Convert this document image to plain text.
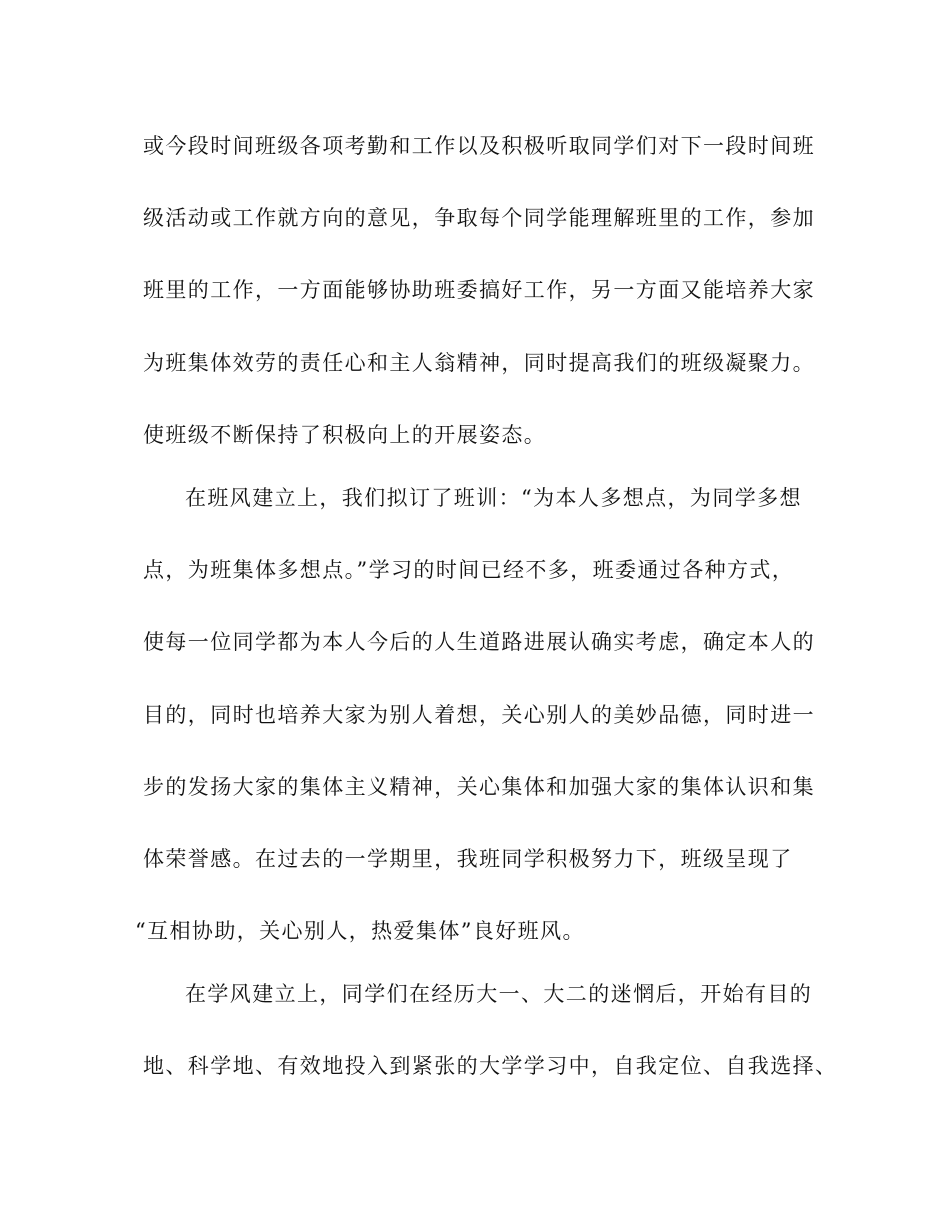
或今段时间班级各项考勤和工作以及积极听取同学们对下一段时间班
级活动或工作就方向的意见，争取每个同学能理解班里的工作，参加
班里的工作，一方面能够协助班委搞好工作，另一方面又能培养大家
为班集体效劳的责任心和主人翁精神，同时提高我们的班级凝聚力。
使班级不断保持了积极向上的开展姿态。
在班风建立上，我们拟订了班训：“为本人多想点，为同学多想
点，为班集体多想点。”学习的时间已经不多，班委通过各种方式，
使每一位同学都为本人今后的人生道路进展认确实考虑，确定本人的
目的，同时也培养大家为别人着想，关心别人的美妙品德，同时进一
步的发扬大家的集体主义精神，关心集体和加强大家的集体认识和集
体荣誉感。在过去的一学期里，我班同学积极努力下，班级呈现了
“互相协助，关心别人，热爱集体”良好班风。
在学风建立上，同学们在经历大一、大二的迷惘后，开始有目的
地、科学地、有效地投入到紧张的大学学习中，自我定位、自我选择、
